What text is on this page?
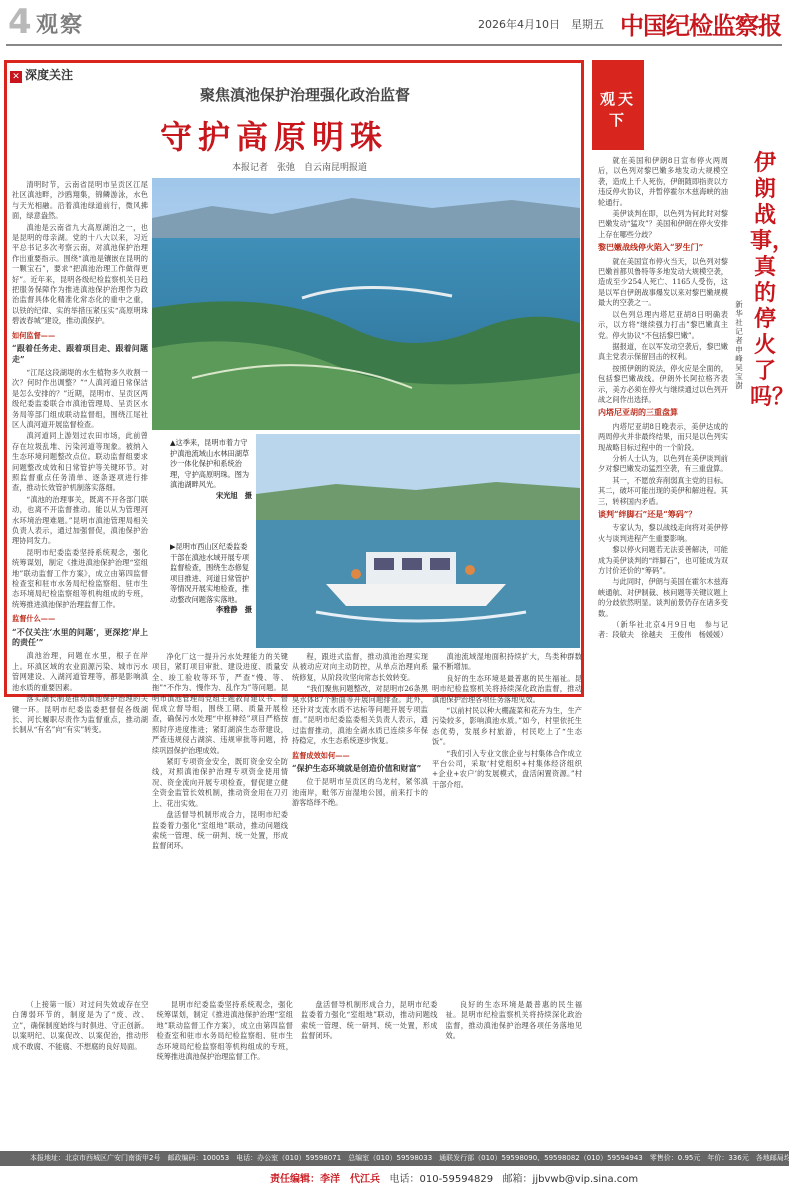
4 观察	2026年4月10日　星期五 中国纪检监察报
✕ 深度关注
聚焦滇池保护治理强化政治监督
守护高原明珠
本报记者　张弛　自云南昆明报道
▲这季来，昆明市着力守护滇池流域山水林田湖草沙一体化保护和系统治理，守护高原明珠。图为滇池湖畔风光。

宋光旭　摄
▶昆明市西山区纪委监委干部在滇池水域开展专项监督检查，围绕生态修复项目推进、河道日常管护等情况开展实地检查，推动整改问题落实落地。

李雅静　摄

清明时节，云南省昆明市呈贡区江尾社区滇池畔，沙鸥翔集，锦鳞游泳，水色与天光相融。沿着滇池绿道前行，微风拂面，绿意盎然。

滇池是云南省九大高原湖泊之一，也是昆明的母亲湖。党的十八大以来，习近平总书记多次考察云南，对滇池保护治理作出重要指示。围绕“滇池是镶嵌在昆明的一颗宝石”，要求“把滇池治理工作做得更好”。近年来，昆明各级纪检监察机关日趋把服务保障作为推进滇池保护治理作为政治监督具体化精准化常态化的重中之重，以铁的纪律、实的举措压紧压实“高原明珠 碧波春城”建设，推动滇保护。

如何监督——
“跟着任务走、跟着项目走、跟着问题走”

“江尾这段湖堤的水生植物多久收割一次？何时作出调整？”“人滇河道日常保洁是怎么安排的？”近期，昆明市、呈贡区两级纪委监委联合市滇池管理局、呈贡区水务局等部门组成联动监督组，围绕江尾社区人滇河道开展监督检查。

滇河道同上游划过农田市场，此前曾存在垃圾乱堆、污染河道等现象。被纳入生态环境问题整改点位。联动监督组要求问题整改成效和日常管护等关键环节。对照监督重点任务清单、逐条逐项进行排查，推动长效管护机制落实落细。

“滇池的治理事关，既离不开各部门联动，也离不开监督推动。能以从为管理河水环境治理难题。”昆明市滇池管理局相关负责人表示，通过加强督促，滇池保护治理协同发力。

昆明市纪委监委坚持系统观念，强化统筹谋划，制定《推进滇池保护治理“室组地”联动监督工作方案》，成立由第四监督检查室和驻市水务局纪检监察组、驻市生态环境局纪检监察组等机构组成的专班，统筹推进滇池保护治理监督工作。

监督什么——
“不仅关注‘水里的问题’，更深挖‘岸上的责任’”

滇池治理，问题在水里，根子在岸上。环滇区域的农业面源污染、城市污水管网建设、入湖河道管理等，都是影响滇池水质的重要因素。

落实湖长制是推动滇池保护治理的关键一环。昆明市纪委监委把督促各级湖长、河长履职尽责作为监督重点，推动湖长制从“有名”向“有实”转变。

净化厂这一提升污水处理能力的关键项目，紧盯项目审批、建设进度、质量安全、竣工验收等环节，严查“慢、等、拖”“不作为、慢作为、乱作为”等问题。昆明市滇池管理局党组主题教育建议书、督促成立督导组，围绕工期、质量开展检查，确保污水处理“中枢神经”项目严格按照时序进度推进；紧盯湖滨生态带建设，严查违规侵占湖滨、违规审批等问题，持续巩固保护治理成效。

紧盯专项资金安全，既盯资金安全防线，对照滇池保护治理专项资金使用情况、资金流向开展专项检查，督促建立健全资金监管长效机制，推动资金用在刀刃上、花出实效。

盘活督导机制形成合力，昆明市纪委监委着力强化“室组地”联动，推动问题线索统一管理、统一研判、统一处置，形成监督闭环。

程，跟进式监督，推动滇池治理实现从被动应对向主动防控，从单点治理向系统修复，从阶段攻坚向常态长效转变。

“我们聚焦问题整改，对昆明市26条黑臭水体87个断面等开展问题排查。此外，还针对支流水质不达标等问题开展专项监督。”昆明市纪委监委相关负责人表示，通过监督推动，滇池全湖水质已连续多年保持稳定，水生态系统逐步恢复。

监督成效如何——
“保护生态环境就是创造价值和财富”

位于昆明市呈贡区的乌龙村，紧邻滇池南岸，毗邻万亩湿地公园，前来打卡的游客络绎不绝。

滇池流域湿地面积持续扩大，鸟类种群数量不断增加。

良好的生态环境是最普惠的民生福祉。昆明市纪检监察机关将持续深化政治监督，推动滇池保护治理各项任务落地见效。

“以前村民以种大棚蔬菜和花卉为生，生产污染较多，影响滇池水质。”如今，村里依托生态优势，发展乡村旅游，村民吃上了“生态饭”。

“我们引入专业文旅企业与村集体合作成立平台公司，采取‘村党组织+村集体经济组织+企业+农户’的发展模式，盘活闲置资源。”村干部介绍。

（上接第一版）对过问失效或存在空白薄弱环节的，制度是为了“废、改、立”，确保制度始终与时俱进、守正创新。以案明纪、以案促改、以案促治，推动形成不敢腐、不能腐、不想腐的良好局面。

昆明市纪委监委坚持系统观念，强化统筹谋划，制定《推进滇池保护治理“室组地”联动监督工作方案》，成立由第四监督检查室和驻市水务局纪检监察组、驻市生态环境局纪检监察组等机构组成的专班，统筹推进滇池保护治理监督工作。

盘活督导机制形成合力，昆明市纪委监委着力强化“室组地”联动，推动问题线索统一管理、统一研判、统一处置，形成监督闭环。

良好的生态环境是最普惠的民生福祉。昆明市纪检监察机关将持续深化政治监督，推动滇池保护治理各项任务落地见效。

观天下
伊朗战事，真的停火了吗？
新华社记者　申峰　吴宝澍

就在美国和伊朗8日宣布停火两周后，以色列对黎巴嫩多地发动大规模空袭，造成上千人死伤，伊朗随即指责以方违反停火协议，并暂停霍尔木兹海峡的油轮通行。

美伊谈判在即，以色列为何此时对黎巴嫩发动“猛攻”？美国和伊朗在停火安排上存在哪些分歧？

黎巴嫩战线停火陷入“罗生门”

就在美国宣布停火当天，以色列对黎巴嫩首都贝鲁特等多地发动大规模空袭，造成至少254人死亡、1165人受伤，这是以军自伊朗战事爆发以来对黎巴嫩规模最大的空袭之一。

以色列总理内塔尼亚胡8日明确表示，以方将“继续强力打击”黎巴嫩真主党。停火协议“不包括黎巴嫩”。

据报道，在以军发动空袭后，黎巴嫩真主党表示保留回击的权利。

按照伊朗的说法，停火应是全面的，包括黎巴嫩战线。伊朗外长阿拉格齐表示，美方必须在停火与继续通过以色列开战之间作出选择。

内塔尼亚胡的三重盘算

内塔尼亚胡8日晚表示，美伊达成的两周停火并非最终结果，而只是以色列实现战略目标过程中的一个阶段。

分析人士认为，以色列在美伊谈判前夕对黎巴嫩发动猛烈空袭，有三重盘算。

其一，不愿放弃削弱真主党的目标。其二，破坏可能出现的美伊和解进程。其三，转移国内矛盾。

谈判“绊脚石”还是“筹码”？

专家认为，黎以战线走向将对美伊停火与谈判进程产生重要影响。

黎以停火问题若无法妥善解决，可能成为美伊谈判的“绊脚石”，也可能成为双方讨价还价的“筹码”。

与此同时，伊朗与美国在霍尔木兹海峡通航、对伊制裁、核问题等关键议题上的分歧依然明显。谈判前景仍存在诸多变数。

（新华社北京4月9日电　参与记者：段敏夫　徐越夫　王俊伟　杨媛媛）

本报地址：北京市西城区广安门南街甲2号　邮政编码：100053　电话：办公室（010）59598071　总编室（010）59598033　通联发行部（010）59598090、59598082（010）59594943　零售价：0.95元　年价：336元　各地邮局均可订阅
责任编辑：李洋　代江兵 电话：010-59594829 邮箱：jjbvwb@vip.sina.com
